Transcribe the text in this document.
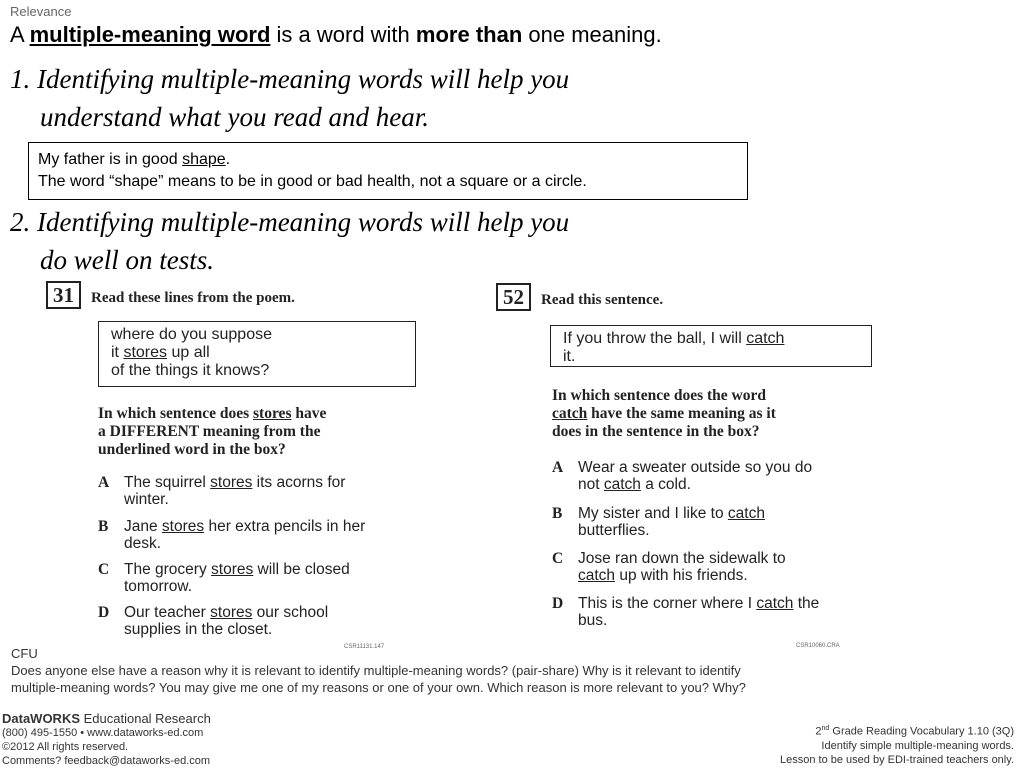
Relevance
A multiple-meaning word is a word with more than one meaning.
1. Identifying multiple-meaning words will help you
understand what you read and hear.
My father is in good shape.
The word “shape” means to be in good or bad health, not a square or a circle.
2. Identifying multiple-meaning words will help you
do well on tests.
31 Read these lines from the poem.
where do you suppose
it stores up all
of the things it knows?
In which sentence does stores have
a DIFFERENT meaning from the
underlined word in the box?
A The squirrel stores its acorns for
winter.
B Jane stores her extra pencils in her
desk.
C The grocery stores will be closed
tomorrow.
D Our teacher stores our school
supplies in the closet.
CSR11131.147
52 Read this sentence.
If you throw the ball, I will catch
it.
In which sentence does the word
catch have the same meaning as it
does in the sentence in the box?
A Wear a sweater outside so you do
not catch a cold.
B My sister and I like to catch
butterflies.
C Jose ran down the sidewalk to
catch up with his friends.
D This is the corner where I catch the
bus.
CSR10060.CRA
CFU
Does anyone else have a reason why it is relevant to identify multiple-meaning words? (pair-share) Why is it relevant to identify multiple-meaning words? You may give me one of my reasons or one of your own. Which reason is more relevant to you? Why?
DataWORKS Educational Research
(800) 495-1550 • www.dataworks-ed.com
©2012 All rights reserved.
Comments? feedback@dataworks-ed.com
2nd Grade Reading Vocabulary 1.10 (3Q)
Identify simple multiple-meaning words.
Lesson to be used by EDI-trained teachers only.
